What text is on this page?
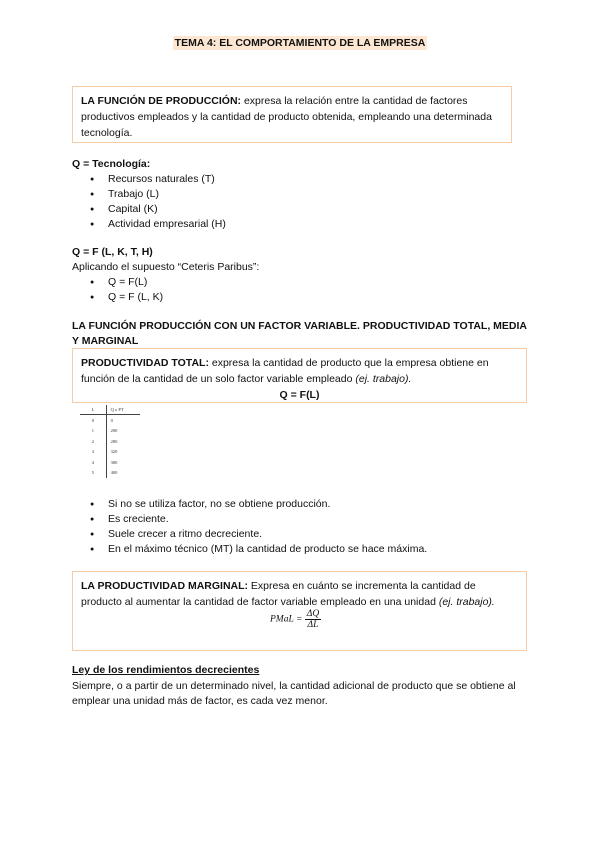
TEMA 4: EL COMPORTAMIENTO DE LA EMPRESA
LA FUNCIÓN DE PRODUCCIÓN: expresa la relación entre la cantidad de factores productivos empleados y la cantidad de producto obtenida, empleando una determinada tecnología.
Q = Tecnología:
● Recursos naturales (T)
● Trabajo (L)
● Capital (K)
● Actividad empresarial (H)
Q = F (L, K, T, H)
Aplicando el supuesto “Ceteris Paribus”:
● Q = F(L)
● Q = F (L, K)
LA FUNCIÓN PRODUCCIÓN CON UN FACTOR VARIABLE. PRODUCTIVIDAD TOTAL, MEDIA Y MARGINAL
PRODUCTIVIDAD TOTAL: expresa la cantidad de producto que la empresa obtiene en función de la cantidad de un solo factor variable empleado (ej. trabajo).
Q = F(L)
L	Q o PT
0	0
1	200
2	280
3	320
4	380
5	400
● Si no se utiliza factor, no se obtiene producción.
● Es creciente.
● Suele crecer a ritmo decreciente.
● En el máximo técnico (MT) la cantidad de producto se hace máxima.
LA PRODUCTIVIDAD MARGINAL: Expresa en cuánto se incrementa la cantidad de producto al aumentar la cantidad de factor variable empleado en una unidad (ej. trabajo).
PMaL = $\frac{\Delta Q}{\Delta L}$
Ley de los rendimientos decrecientes
Siempre, o a partir de un determinado nivel, la cantidad adicional de producto que se obtiene al emplear una unidad más de factor, es cada vez menor.
